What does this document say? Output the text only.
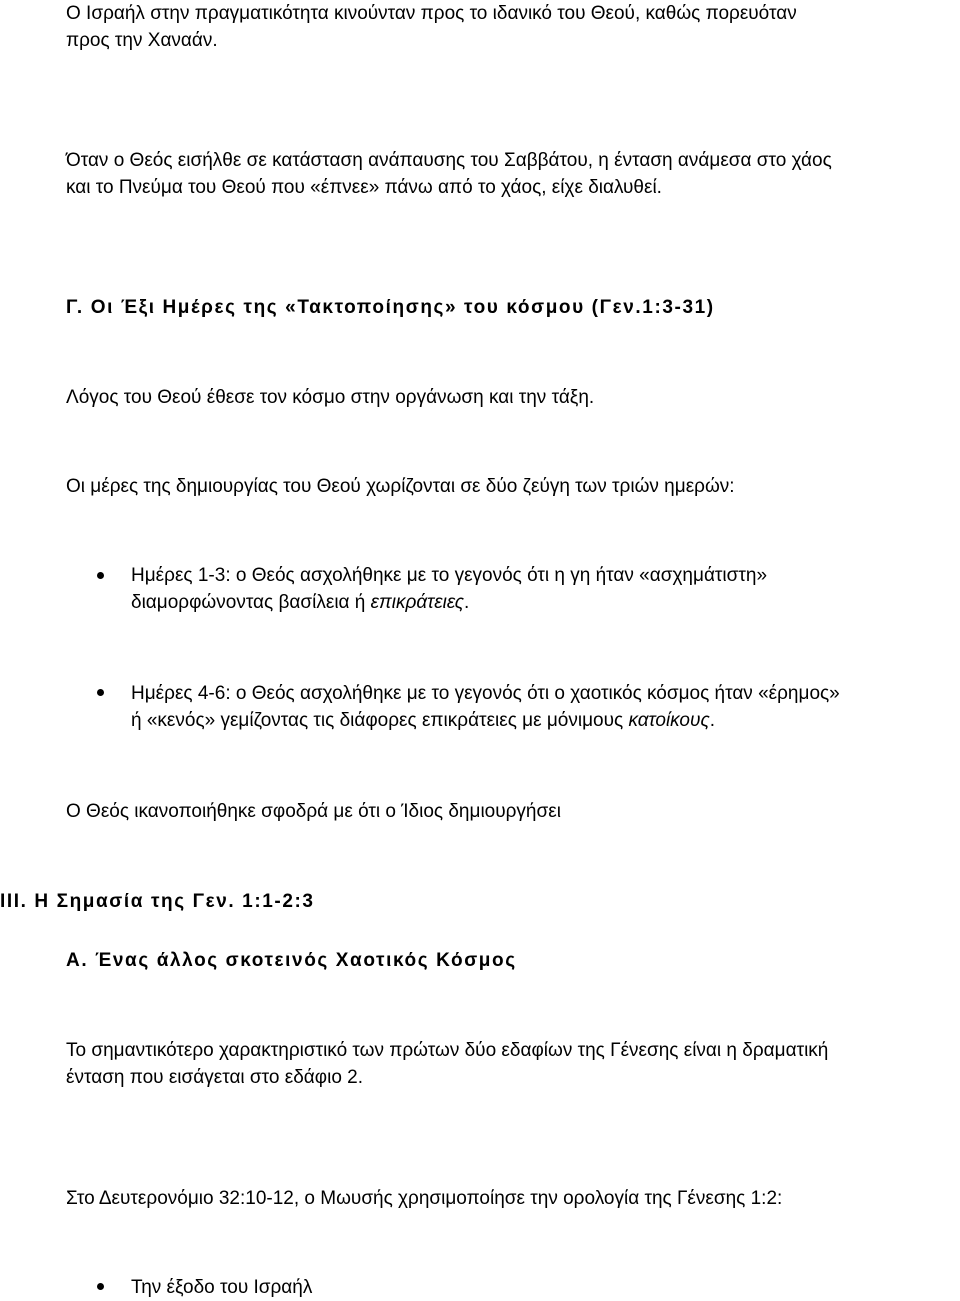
Ο Ισραήλ στην πραγματικότητα κινούνταν προς το ιδανικό του Θεού, καθώς πορευόταν
προς την Χαναάν.
Όταν ο Θεός εισήλθε σε κατάσταση ανάπαυσης του Σαββάτου, η ένταση ανάμεσα στο χάος
και το Πνεύμα του Θεού που «έπνεε» πάνω από το χάος, είχε διαλυθεί.
Γ. Οι Έξι Ημέρες της «Τακτοποίησης» του κόσμου (Γεν.1:3-31)
Λόγος του Θεού έθεσε τον κόσμο στην οργάνωση και την τάξη.
Οι μέρες της δημιουργίας του Θεού χωρίζονται σε δύο ζεύγη των τριών ημερών:
Ημέρες 1-3: ο Θεός ασχολήθηκε με το γεγονός ότι η γη ήταν «ασχημάτιστη»
διαμορφώνοντας βασίλεια ή επικράτειες.
Ημέρες 4-6: ο Θεός ασχολήθηκε με το γεγονός ότι ο χαοτικός κόσμος ήταν «έρημος»
ή «κενός» γεμίζοντας τις διάφορες επικράτειες με μόνιμους κατοίκους.
Ο Θεός ικανοποιήθηκε σφοδρά με ότι ο Ίδιος δημιουργήσει
III. Η Σημασία της Γεν. 1:1-2:3
Α. Ένας άλλος σκοτεινός Χαοτικός Κόσμος
Το σημαντικότερο χαρακτηριστικό των πρώτων δύο εδαφίων της Γένεσης είναι η δραματική
ένταση που εισάγεται στο εδάφιο 2.
Στο Δευτερονόμιο 32:10-12, ο Μωυσής χρησιμοποίησε την ορολογία της Γένεσης 1:2:
Την έξοδο του Ισραήλ
